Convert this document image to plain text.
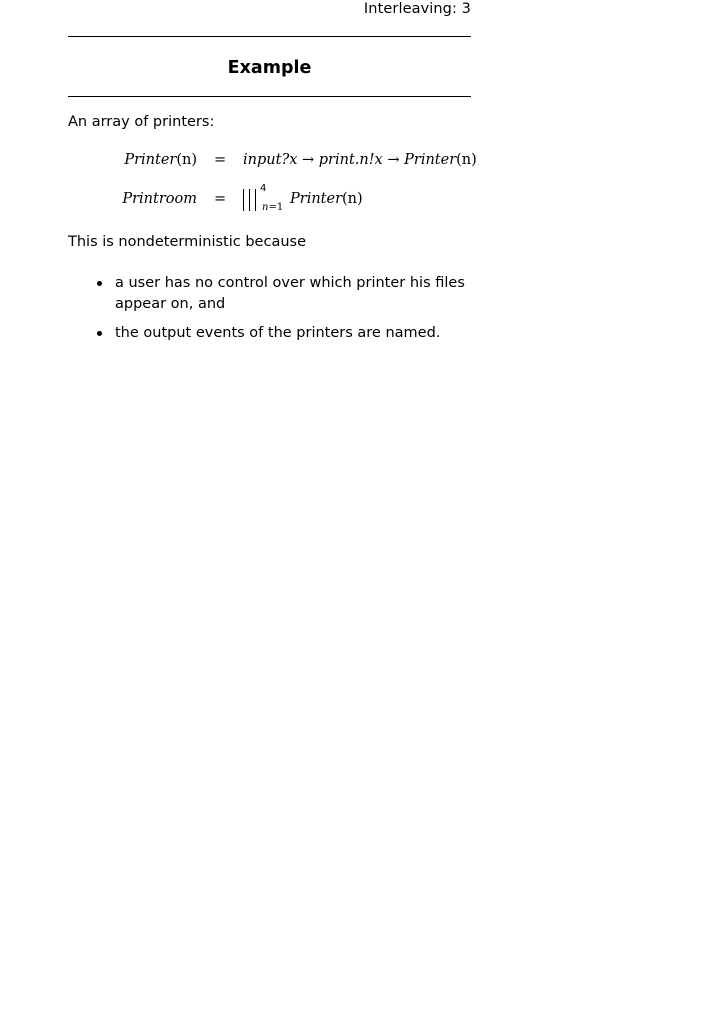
Interleaving: 3
Example
An array of printers:
Printer(n) = input?x → print.n!x → Printer(n)
Printroom =
4
n=1
Printer(n)
This is nondeterministic because
a user has no control over which printer his files appear on, and
the output events of the printers are named.
